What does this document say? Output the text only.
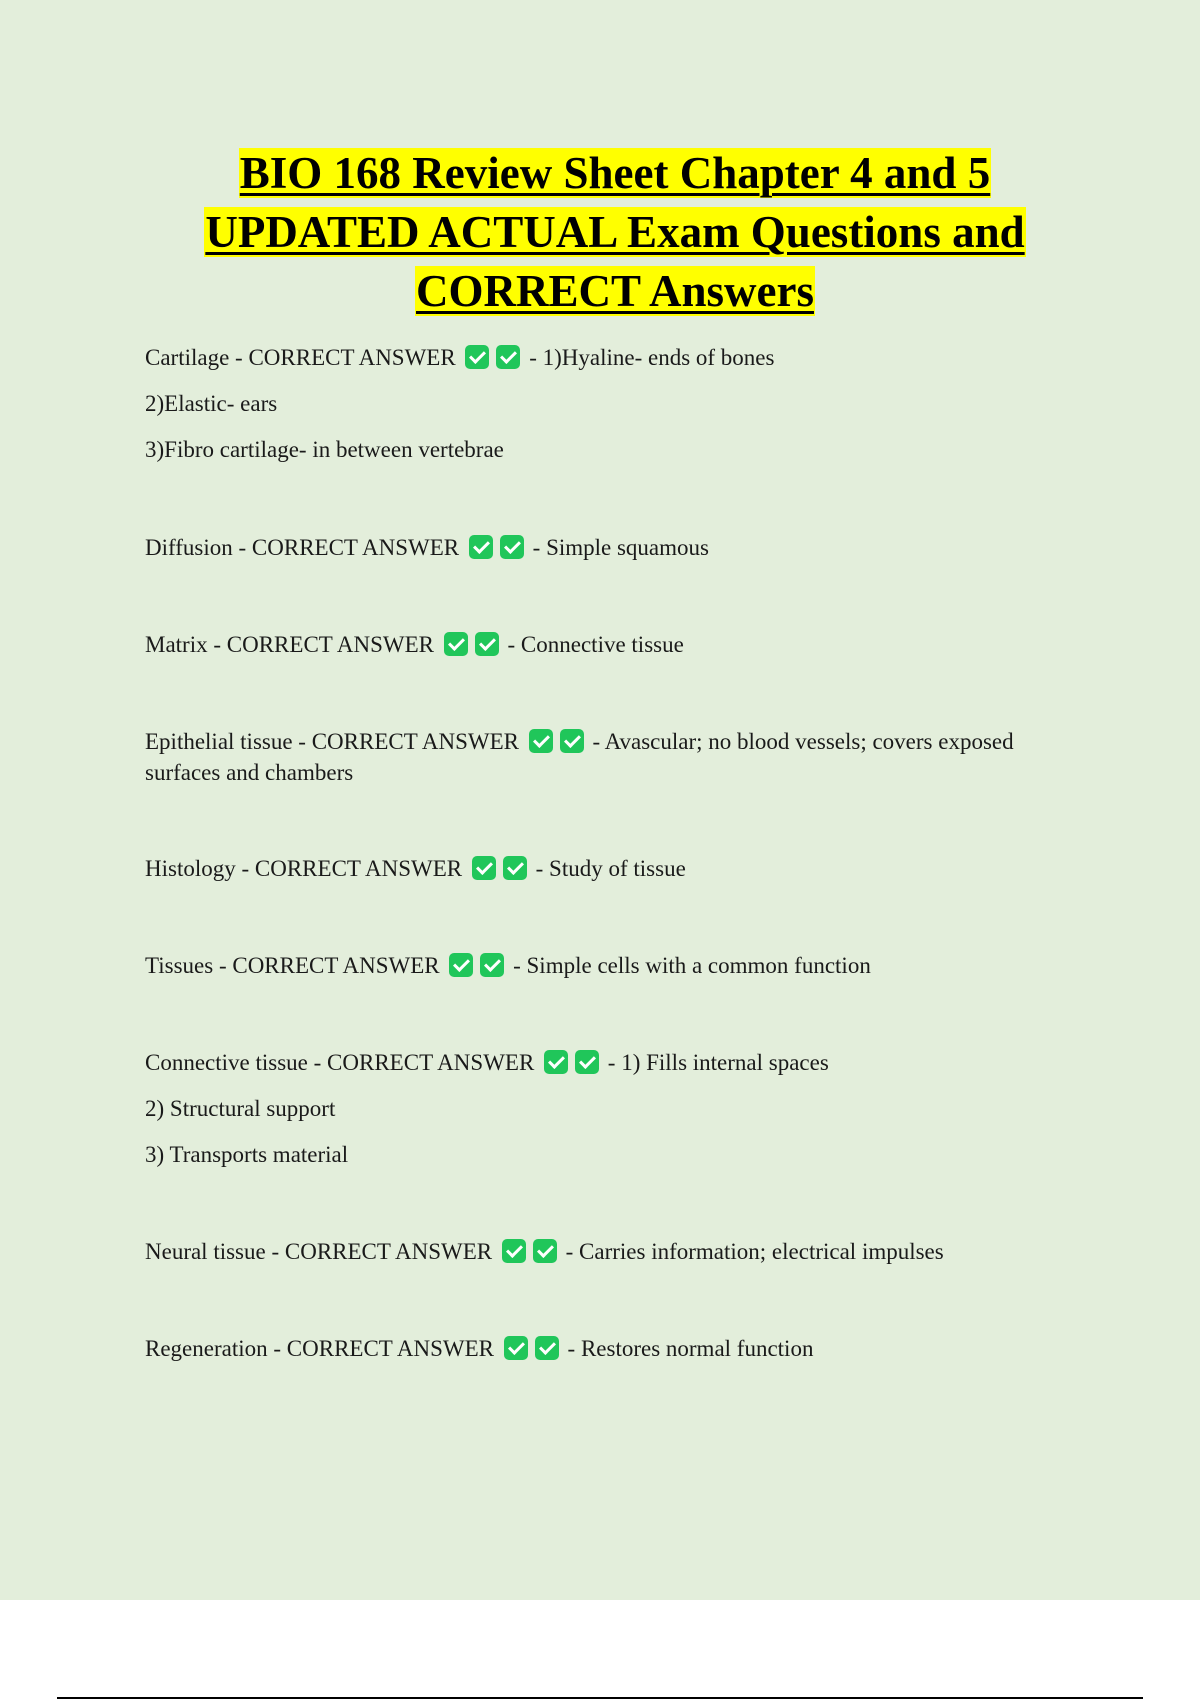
BIO 168 Review Sheet Chapter 4 and 5
UPDATED ACTUAL Exam Questions and
CORRECT Answers
Cartilage - CORRECT ANSWER	- 1)Hyaline- ends of bones
2)Elastic- ears
3)Fibro cartilage- in between vertebrae
Diffusion - CORRECT ANSWER	- Simple squamous
Matrix - CORRECT ANSWER	- Connective tissue
Epithelial tissue - CORRECT ANSWER	- Avascular; no blood vessels; covers exposed surfaces and chambers
Histology - CORRECT ANSWER	- Study of tissue
Tissues - CORRECT ANSWER	- Simple cells with a common function
Connective tissue - CORRECT ANSWER	- 1) Fills internal spaces
2) Structural support
3) Transports material
Neural tissue - CORRECT ANSWER	- Carries information; electrical impulses
Regeneration - CORRECT ANSWER	- Restores normal function
